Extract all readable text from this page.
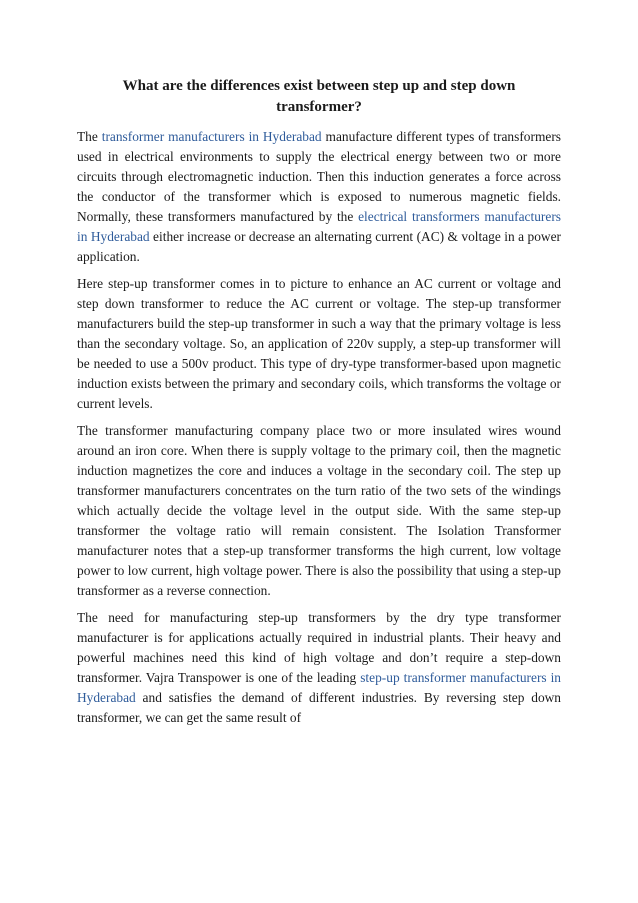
What are the differences exist between step up and step down transformer?

The transformer manufacturers in Hyderabad manufacture different types of transformers used in electrical environments to supply the electrical energy between two or more circuits through electromagnetic induction. Then this induction generates a force across the conductor of the transformer which is exposed to numerous magnetic fields. Normally, these transformers manufactured by the electrical transformers manufacturers in Hyderabad either increase or decrease an alternating current (AC) & voltage in a power application.

Here step-up transformer comes in to picture to enhance an AC current or voltage and step down transformer to reduce the AC current or voltage. The step-up transformer manufacturers build the step-up transformer in such a way that the primary voltage is less than the secondary voltage. So, an application of 220v supply, a step-up transformer will be needed to use a 500v product. This type of dry-type transformer-based upon magnetic induction exists between the primary and secondary coils, which transforms the voltage or current levels.

The transformer manufacturing company place two or more insulated wires wound around an iron core. When there is supply voltage to the primary coil, then the magnetic induction magnetizes the core and induces a voltage in the secondary coil. The step up transformer manufacturers concentrates on the turn ratio of the two sets of the windings which actually decide the voltage level in the output side. With the same step-up transformer the voltage ratio will remain consistent. The Isolation Transformer manufacturer notes that a step-up transformer transforms the high current, low voltage power to low current, high voltage power. There is also the possibility that using a step-up transformer as a reverse connection.

The need for manufacturing step-up transformers by the dry type transformer manufacturer is for applications actually required in industrial plants. Their heavy and powerful machines need this kind of high voltage and don’t require a step-down transformer. Vajra Transpower is one of the leading step-up transformer manufacturers in Hyderabad and satisfies the demand of different industries. By reversing step down transformer, we can get the same result of
